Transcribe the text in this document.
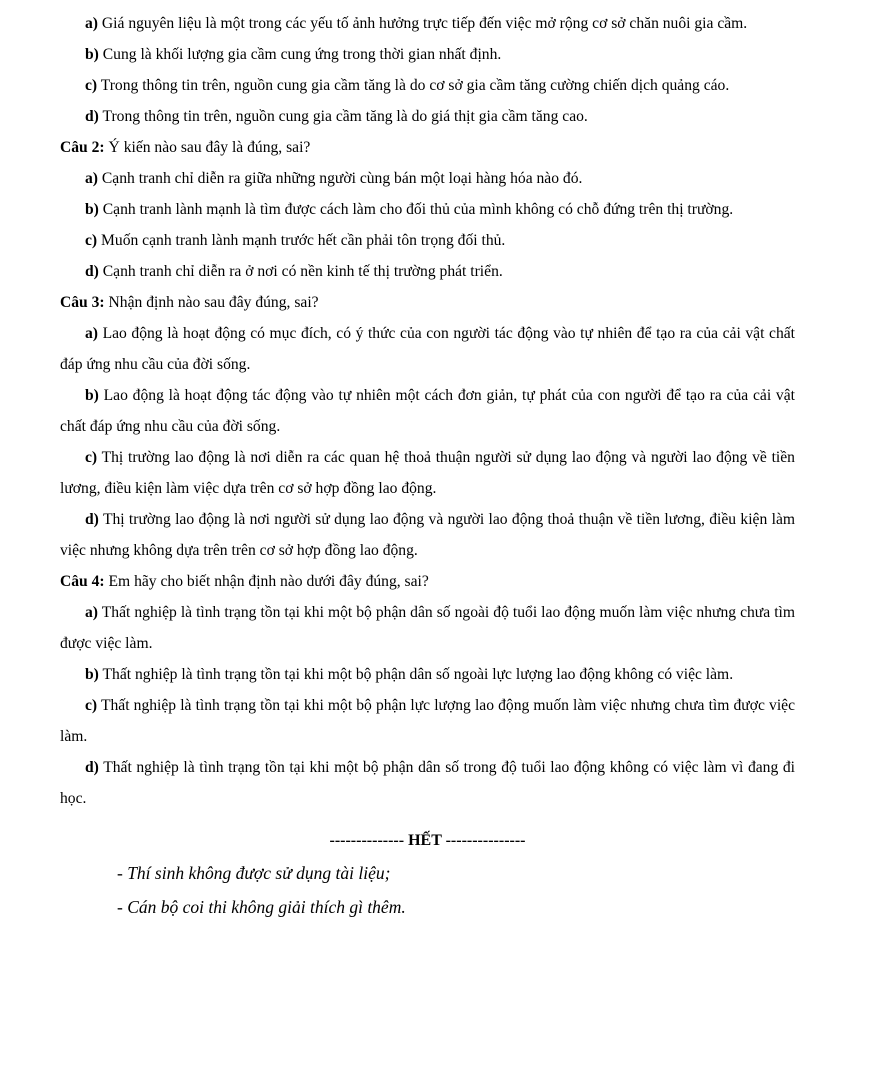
a) Giá nguyên liệu là một trong các yếu tố ảnh hưởng trực tiếp đến việc mở rộng cơ sở chăn nuôi gia cầm.

b) Cung là khối lượng gia cầm cung ứng trong thời gian nhất định.

c) Trong thông tin trên, nguồn cung gia cầm tăng là do cơ sở gia cầm tăng cường chiến dịch quảng cáo.

d) Trong thông tin trên, nguồn cung gia cầm tăng là do giá thịt gia cầm tăng cao.

Câu 2: Ý kiến nào sau đây là đúng, sai?

a) Cạnh tranh chỉ diễn ra giữa những người cùng bán một loại hàng hóa nào đó.

b) Cạnh tranh lành mạnh là tìm được cách làm cho đối thủ của mình không có chỗ đứng trên thị trường.

c) Muốn cạnh tranh lành mạnh trước hết cần phải tôn trọng đối thủ.

d) Cạnh tranh chỉ diễn ra ở nơi có nền kinh tế thị trường phát triển.

Câu 3: Nhận định nào sau đây đúng, sai?

a) Lao động là hoạt động có mục đích, có ý thức của con người tác động vào tự nhiên để tạo ra của cải vật chất đáp ứng nhu cầu của đời sống.

b) Lao động là hoạt động tác động vào tự nhiên một cách đơn giản, tự phát của con người để tạo ra của cải vật chất đáp ứng nhu cầu của đời sống.

c) Thị trường lao động là nơi diễn ra các quan hệ thoả thuận người sử dụng lao động và người lao động về tiền lương, điều kiện làm việc dựa trên cơ sở hợp đồng lao động.

d) Thị trường lao động là nơi người sử dụng lao động và người lao động thoả thuận về tiền lương, điều kiện làm việc nhưng không dựa trên trên cơ sở hợp đồng lao động.

Câu 4: Em hãy cho biết nhận định nào dưới đây đúng, sai?

a) Thất nghiệp là tình trạng tồn tại khi một bộ phận dân số ngoài độ tuổi lao động muốn làm việc nhưng chưa tìm được việc làm.

b) Thất nghiệp là tình trạng tồn tại khi một bộ phận dân số ngoài lực lượng lao động không có việc làm.

c) Thất nghiệp là tình trạng tồn tại khi một bộ phận lực lượng lao động muốn làm việc nhưng chưa tìm được việc làm.

d) Thất nghiệp là tình trạng tồn tại khi một bộ phận dân số trong độ tuổi lao động không có việc làm vì đang đi học.

-------------- HẾT ---------------

- Thí sinh không được sử dụng tài liệu;

- Cán bộ coi thi không giải thích gì thêm.
